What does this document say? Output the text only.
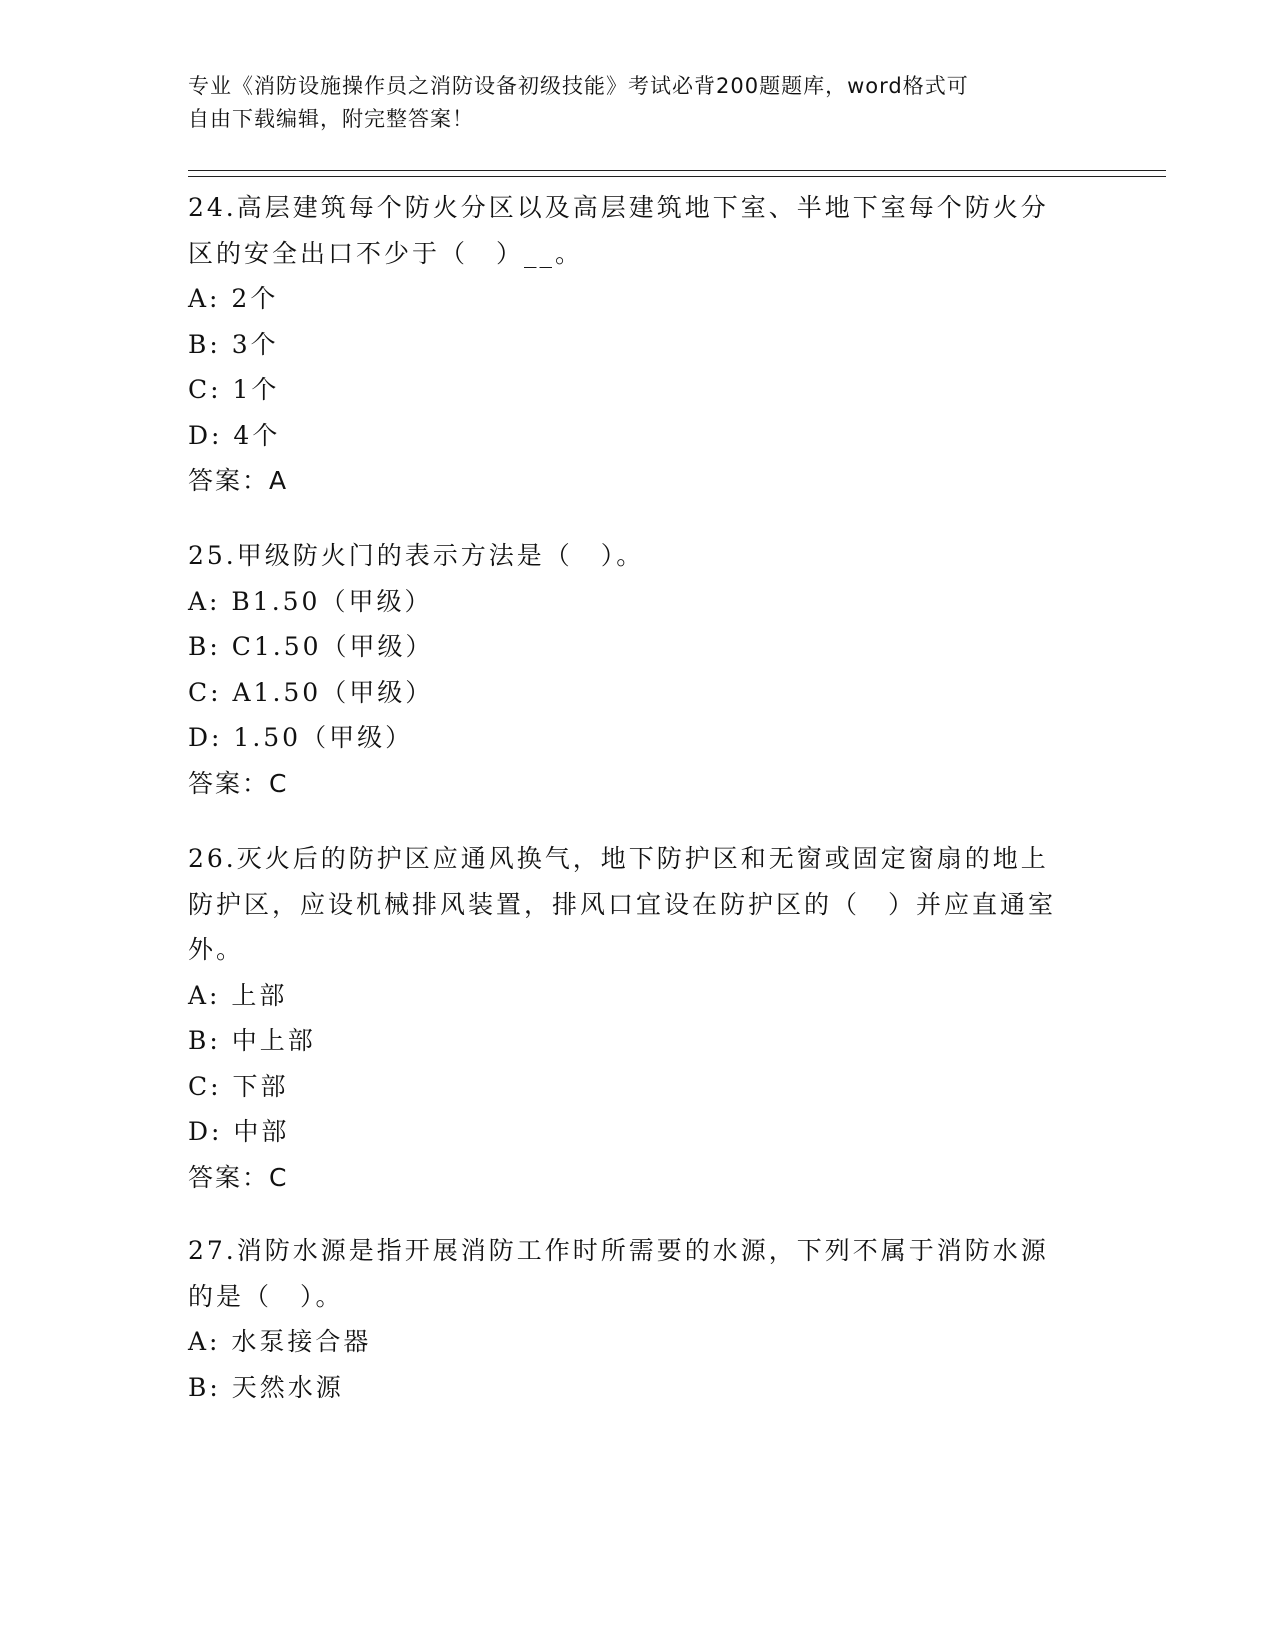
专业《消防设施操作员之消防设备初级技能》考试必背200题题库，word格式可
自由下载编辑，附完整答案！
24.高层建筑每个防火分区以及高层建筑地下室、半地下室每个防火分区的安全出口不少于（　）__。
A: 2个
B: 3个
C: 1个
D: 4个
答案：A
25.甲级防火门的表示方法是（　）。
A: B1.50（甲级）
B: C1.50（甲级）
C: A1.50（甲级）
D: 1.50（甲级）
答案：C
26.灭火后的防护区应通风换气，地下防护区和无窗或固定窗扇的地上防护区，应设机械排风装置，排风口宜设在防护区的（　）并应直通室外。
A: 上部
B: 中上部
C: 下部
D: 中部
答案：C
27.消防水源是指开展消防工作时所需要的水源，下列不属于消防水源的是（　）。
A: 水泵接合器
B: 天然水源
